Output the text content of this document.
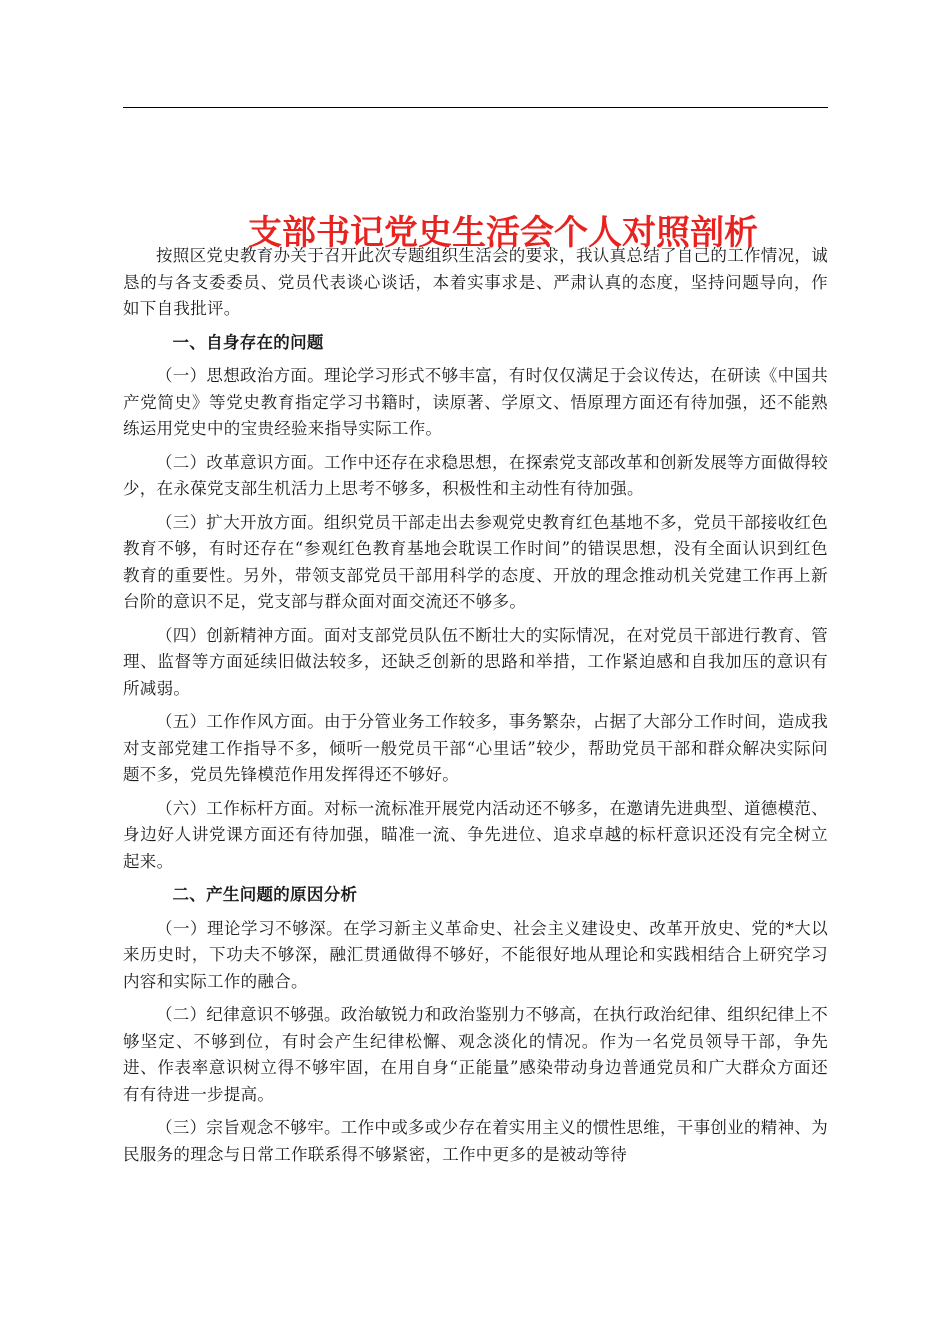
支部书记党史生活会个人对照剖析

按照区党史教育办关于召开此次专题组织生活会的要求，我认真总结了自己的工作情况，诚恳的与各支委委员、党员代表谈心谈话，本着实事求是、严肃认真的态度，坚持问题导向，作如下自我批评。

一、自身存在的问题

（一）思想政治方面。理论学习形式不够丰富，有时仅仅满足于会议传达，在研读《中国共产党简史》等党史教育指定学习书籍时，读原著、学原文、悟原理方面还有待加强，还不能熟练运用党史中的宝贵经验来指导实际工作。

（二）改革意识方面。工作中还存在求稳思想，在探索党支部改革和创新发展等方面做得较少，在永葆党支部生机活力上思考不够多，积极性和主动性有待加强。

（三）扩大开放方面。组织党员干部走出去参观党史教育红色基地不多，党员干部接收红色教育不够，有时还存在“参观红色教育基地会耽误工作时间”的错误思想，没有全面认识到红色教育的重要性。另外，带领支部党员干部用科学的态度、开放的理念推动机关党建工作再上新台阶的意识不足，党支部与群众面对面交流还不够多。

（四）创新精神方面。面对支部党员队伍不断壮大的实际情况，在对党员干部进行教育、管理、监督等方面延续旧做法较多，还缺乏创新的思路和举措，工作紧迫感和自我加压的意识有所减弱。

（五）工作作风方面。由于分管业务工作较多，事务繁杂，占据了大部分工作时间，造成我对支部党建工作指导不多，倾听一般党员干部“心里话”较少，帮助党员干部和群众解决实际问题不多，党员先锋模范作用发挥得还不够好。

（六）工作标杆方面。对标一流标准开展党内活动还不够多，在邀请先进典型、道德模范、身边好人讲党课方面还有待加强，瞄准一流、争先进位、追求卓越的标杆意识还没有完全树立起来。

二、产生问题的原因分析

（一）理论学习不够深。在学习新主义革命史、社会主义建设史、改革开放史、党的*大以来历史时，下功夫不够深，融汇贯通做得不够好，不能很好地从理论和实践相结合上研究学习内容和实际工作的融合。

（二）纪律意识不够强。政治敏锐力和政治鉴别力不够高，在执行政治纪律、组织纪律上不够坚定、不够到位，有时会产生纪律松懈、观念淡化的情况。作为一名党员领导干部，争先进、作表率意识树立得不够牢固，在用自身“正能量”感染带动身边普通党员和广大群众方面还有有待进一步提高。

（三）宗旨观念不够牢。工作中或多或少存在着实用主义的惯性思维，干事创业的精神、为民服务的理念与日常工作联系得不够紧密，工作中更多的是被动等待
